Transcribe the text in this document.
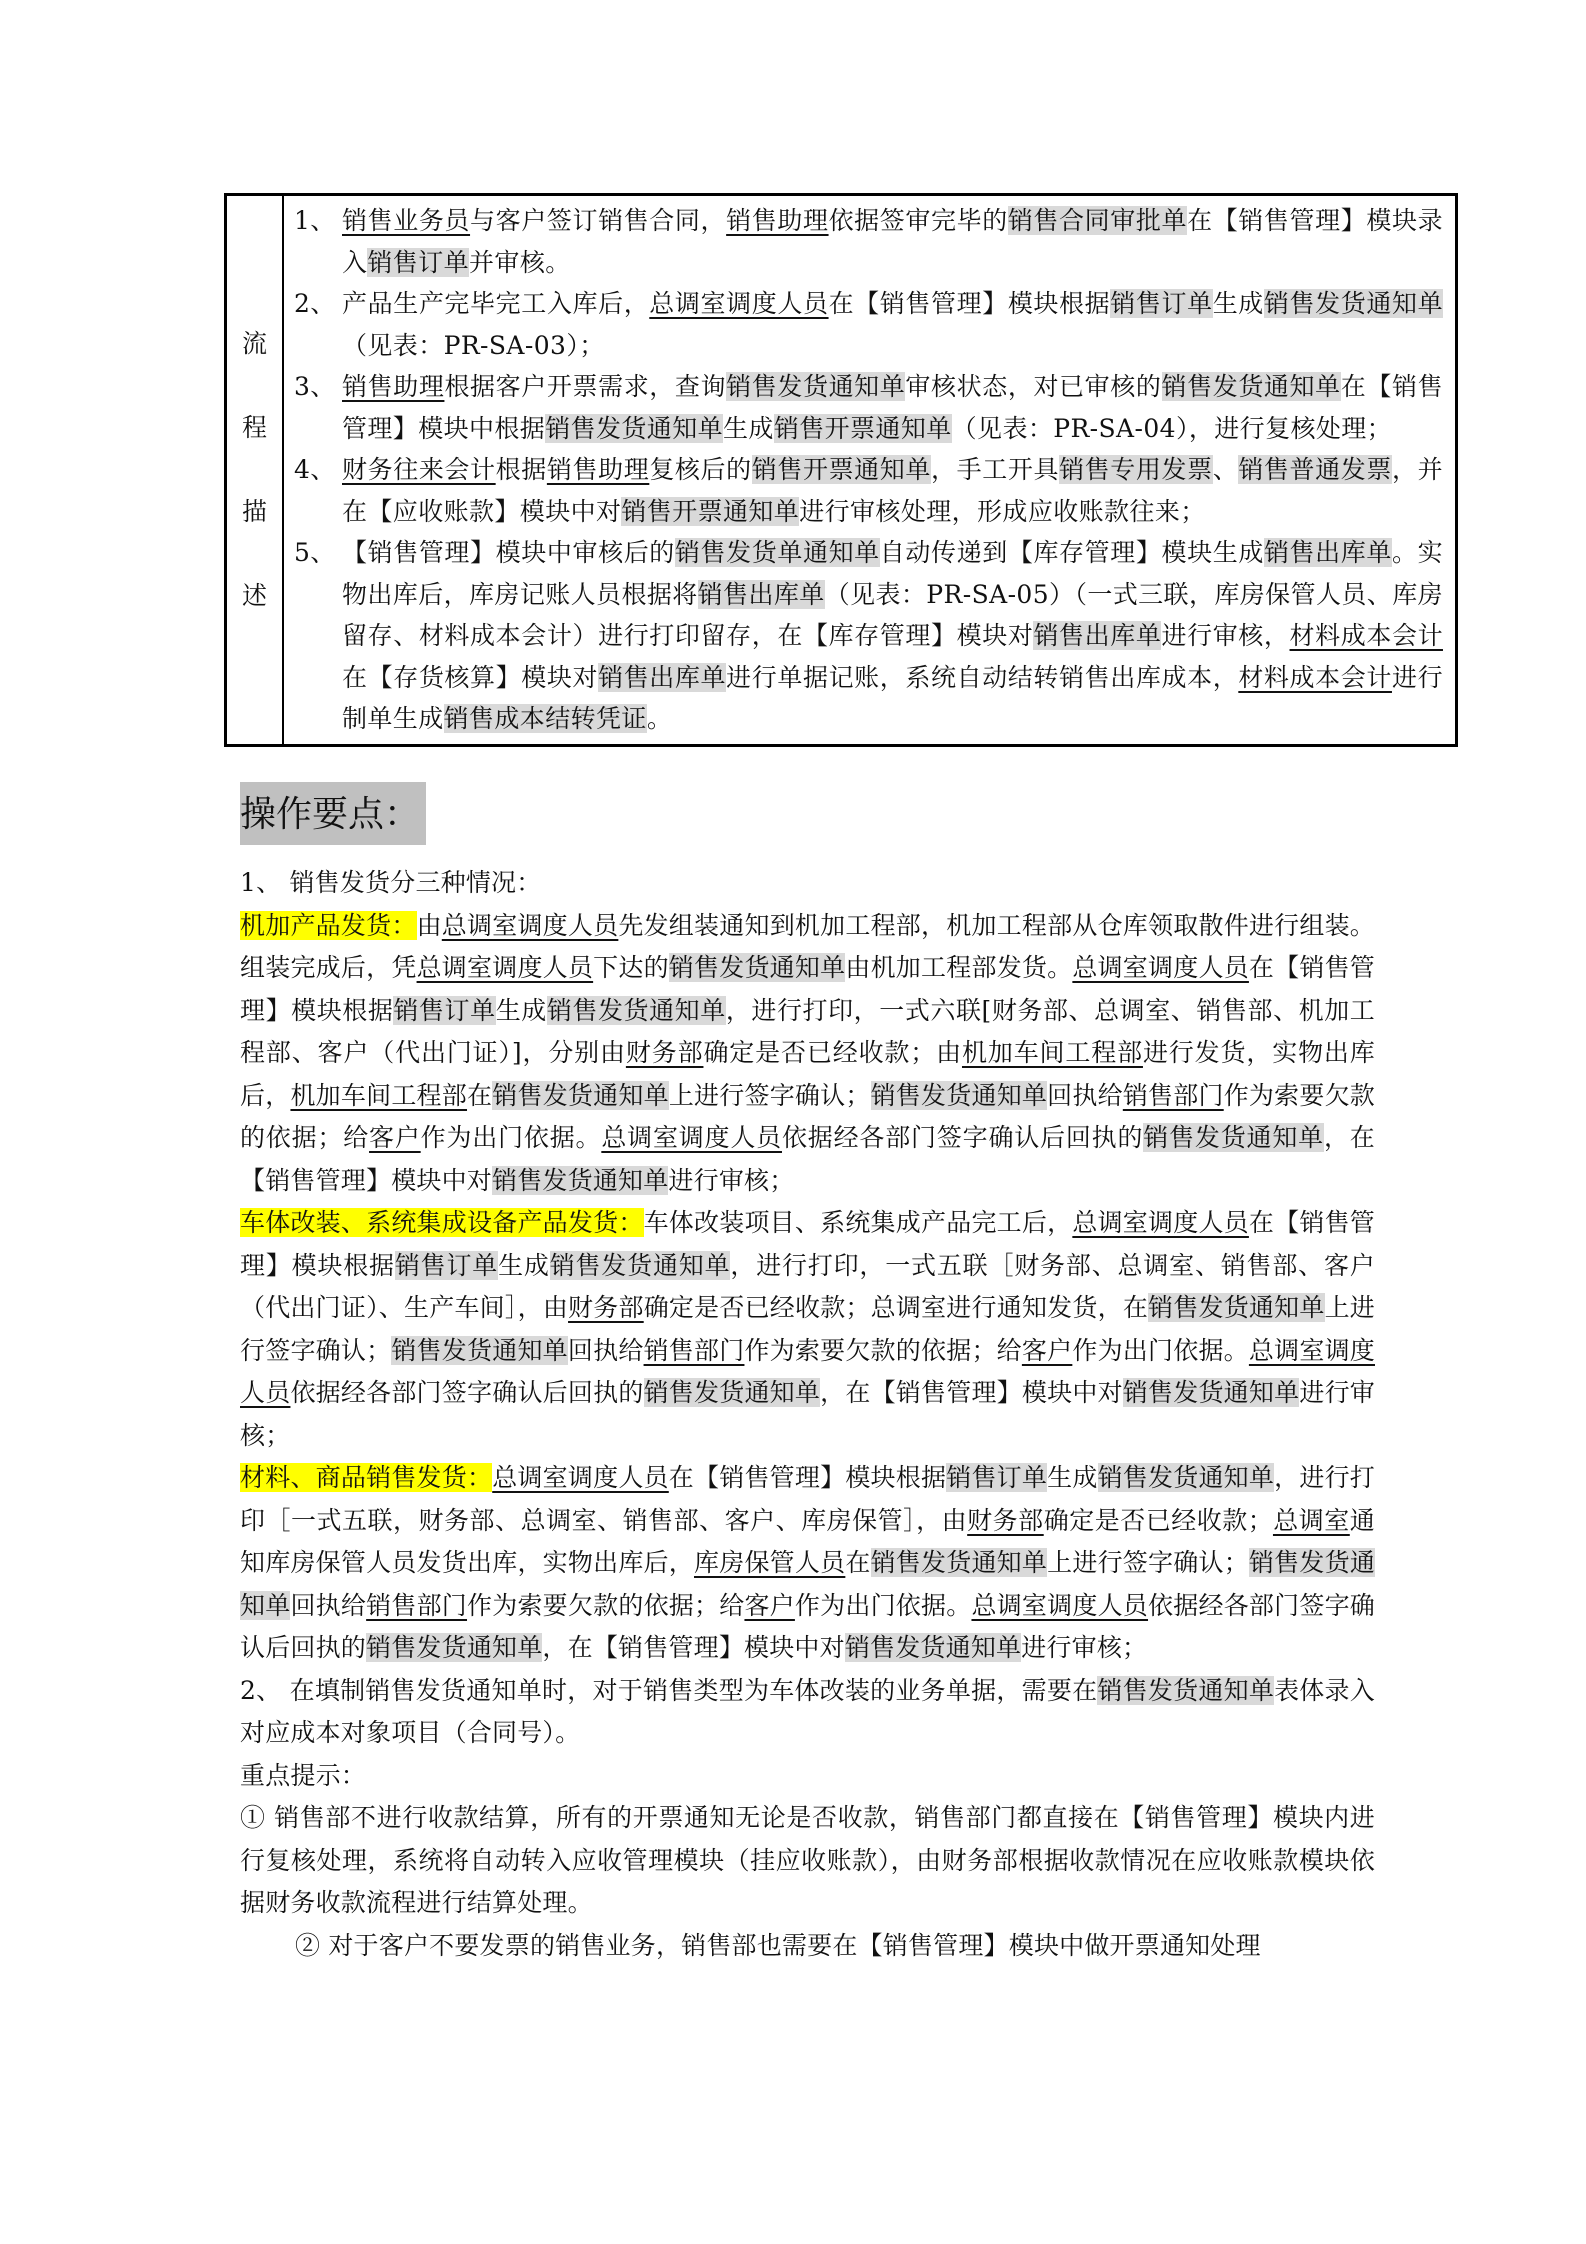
流
程
描
述

1、 销售业务员与客户签订销售合同，销售助理依据签审完毕的销售合同审批单在【销售管理】模块录入销售订单并审核。
2、 产品生产完毕完工入库后，总调室调度人员在【销售管理】模块根据销售订单生成销售发货通知单（见表：PR-SA-03）；
3、 销售助理根据客户开票需求，查询销售发货通知单审核状态，对已审核的销售发货通知单在【销售管理】模块中根据销售发货通知单生成销售开票通知单（见表：PR-SA-04），进行复核处理；
4、 财务往来会计根据销售助理复核后的销售开票通知单，手工开具销售专用发票、销售普通发票，并在【应收账款】模块中对销售开票通知单进行审核处理，形成应收账款往来；
5、 【销售管理】模块中审核后的销售发货单通知单自动传递到【库存管理】模块生成销售出库单。实物出库后，库房记账人员根据将销售出库单（见表：PR-SA-05）（一式三联，库房保管人员、库房留存、材料成本会计）进行打印留存，在【库存管理】模块对销售出库单进行审核，材料成本会计在【存货核算】模块对销售出库单进行单据记账，系统自动结转销售出库成本，材料成本会计进行制单生成销售成本结转凭证。
操作要点：

1、 销售发货分三种情况：

机加产品发货：由总调室调度人员先发组装通知到机加工程部，机加工程部从仓库领取散件进行组装。组装完成后，凭总调室调度人员下达的销售发货通知单由机加工程部发货。总调室调度人员在【销售管理】模块根据销售订单生成销售发货通知单，进行打印，一式六联[财务部、总调室、销售部、机加工程部、客户（代出门证）]，分别由财务部确定是否已经收款；由机加车间工程部进行发货，实物出库后，机加车间工程部在销售发货通知单上进行签字确认；销售发货通知单回执给销售部门作为索要欠款的依据；给客户作为出门依据。总调室调度人员依据经各部门签字确认后回执的销售发货通知单，在【销售管理】模块中对销售发货通知单进行审核；

车体改装、系统集成设备产品发货：车体改装项目、系统集成产品完工后，总调室调度人员在【销售管理】模块根据销售订单生成销售发货通知单，进行打印，一式五联［财务部、总调室、销售部、客户（代出门证）、生产车间］，由财务部确定是否已经收款；总调室进行通知发货，在销售发货通知单上进行签字确认；销售发货通知单回执给销售部门作为索要欠款的依据；给客户作为出门依据。总调室调度人员依据经各部门签字确认后回执的销售发货通知单，在【销售管理】模块中对销售发货通知单进行审核；

材料、商品销售发货：总调室调度人员在【销售管理】模块根据销售订单生成销售发货通知单，进行打印［一式五联，财务部、总调室、销售部、客户、库房保管］，由财务部确定是否已经收款；总调室通知库房保管人员发货出库，实物出库后，库房保管人员在销售发货通知单上进行签字确认；销售发货通知单回执给销售部门作为索要欠款的依据；给客户作为出门依据。总调室调度人员依据经各部门签字确认后回执的销售发货通知单，在【销售管理】模块中对销售发货通知单进行审核；

2、 在填制销售发货通知单时，对于销售类型为车体改装的业务单据，需要在销售发货通知单表体录入对应成本对象项目（合同号）。

重点提示：

① 销售部不进行收款结算，所有的开票通知无论是否收款，销售部门都直接在【销售管理】模块内进行复核处理，系统将自动转入应收管理模块（挂应收账款），由财务部根据收款情况在应收账款模块依据财务收款流程进行结算处理。

② 对于客户不要发票的销售业务，销售部也需要在【销售管理】模块中做开票通知处理
